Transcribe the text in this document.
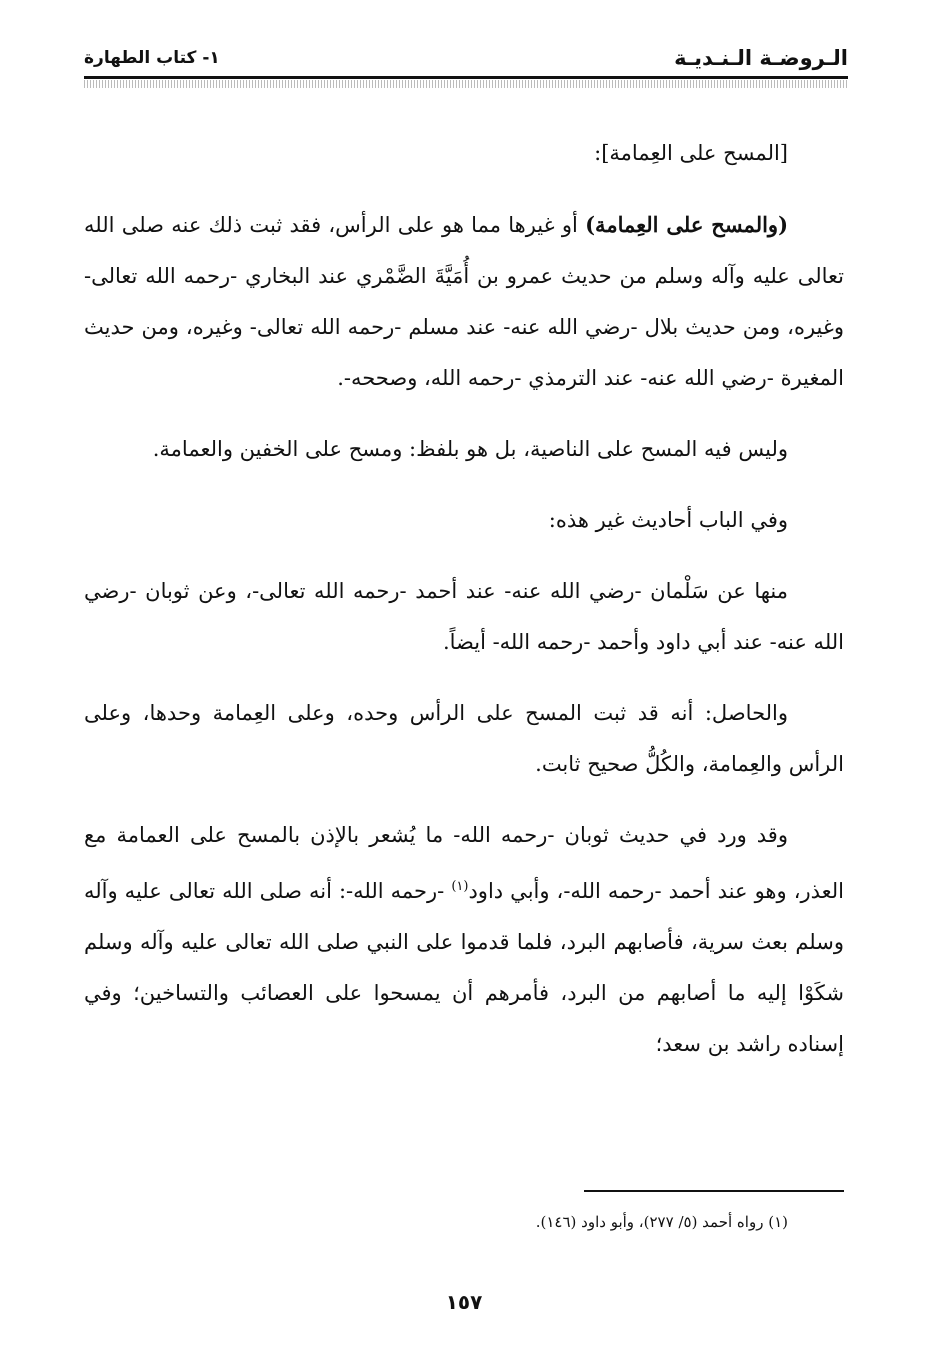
الـروضـة الـنـديـة
١- كتاب الطهارة
[المسح على العِمامة]:

(والمسح على العِمامة) أو غيرها مما هو على الرأس، فقد ثبت ذلك عنه صلى الله تعالى عليه وآله وسلم من حديث عمرو بن أُمَيَّةَ الضَّمْري عند البخاري -رحمه الله تعالى- وغيره، ومن حديث بلال -رضي الله عنه- عند مسلم -رحمه الله تعالى- وغيره، ومن حديث المغيرة -رضي الله عنه- عند الترمذي -رحمه الله، وصححه-.

وليس فيه المسح على الناصية، بل هو بلفظ: ومسح على الخفين والعمامة.

وفي الباب أحاديث غير هذه:

منها عن سَلْمان -رضي الله عنه- عند أحمد -رحمه الله تعالى-، وعن ثوبان -رضي الله عنه- عند أبي داود وأحمد -رحمه الله- أيضاً.

والحاصل: أنه قد ثبت المسح على الرأس وحده، وعلى العِمامة وحدها، وعلى الرأس والعِمامة، والكُلُّ صحيح ثابت.

وقد ورد في حديث ثوبان -رحمه الله- ما يُشعر بالإذن بالمسح على العمامة مع العذر، وهو عند أحمد -رحمه الله-، وأبي داود$^{(١)}$ -رحمه الله-: أنه صلى الله تعالى عليه وآله وسلم بعث سرية، فأصابهم البرد، فلما قدموا على النبي صلى الله تعالى عليه وآله وسلم شكَوْا إليه ما أصابهم من البرد، فأمرهم أن يمسحوا على العصائب والتساخين؛ وفي إسناده راشد بن سعد؛

(١) رواه أحمد (٥/ ٢٧٧)، وأبو داود (١٤٦).
١٥٧
